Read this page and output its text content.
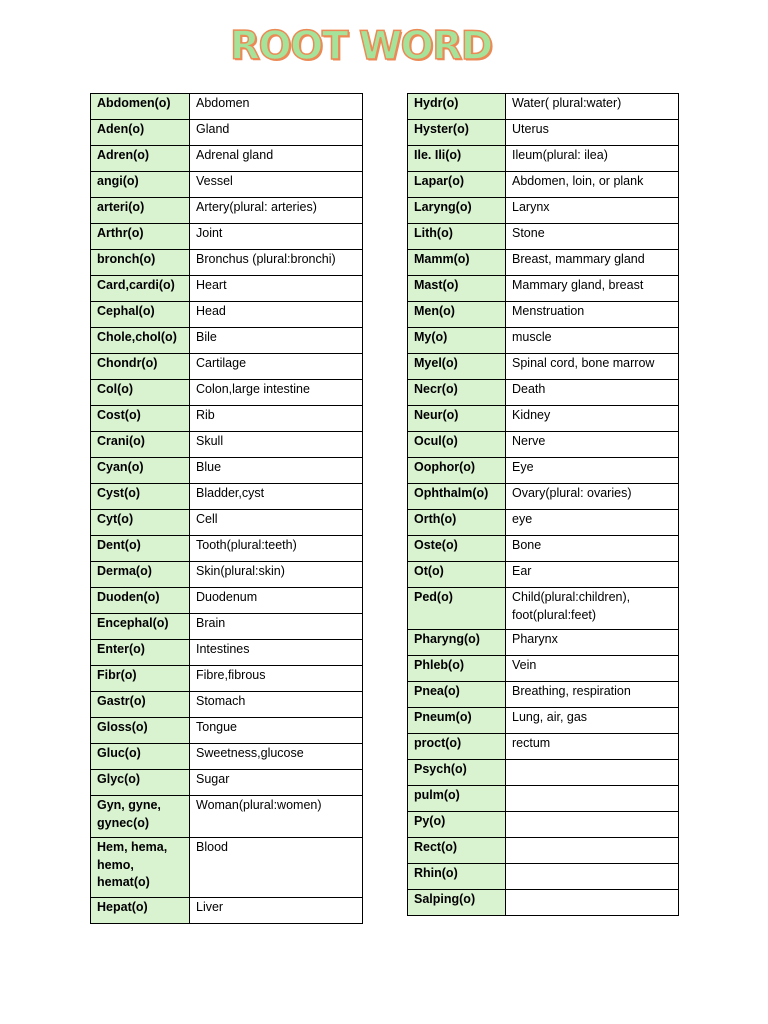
ROOT WORD
Abdomen(o)	Abdomen
Aden(o)	Gland
Adren(o)	Adrenal gland
angi(o)	Vessel
arteri(o)	Artery(plural: arteries)
Arthr(o)	Joint
bronch(o)	Bronchus (plural:bronchi)
Card,cardi(o)	Heart
Cephal(o)	Head
Chole,chol(o)	Bile
Chondr(o)	Cartilage
Col(o)	Colon,large intestine
Cost(o)	Rib
Crani(o)	Skull
Cyan(o)	Blue
Cyst(o)	Bladder,cyst
Cyt(o)	Cell
Dent(o)	Tooth(plural:teeth)
Derma(o)	Skin(plural:skin)
Duoden(o)	Duodenum
Encephal(o)	Brain
Enter(o)	Intestines
Fibr(o)	Fibre,fibrous
Gastr(o)	Stomach
Gloss(o)	Tongue
Gluc(o)	Sweetness,glucose
Glyc(o)	Sugar
Gyn, gyne, gynec(o)	Woman(plural:women)
Hem, hema, hemo, hemat(o)	Blood
Hepat(o)	Liver
Hydr(o)	Water( plural:water)
Hyster(o)	Uterus
Ile. Ili(o)	Ileum(plural: ilea)
Lapar(o)	Abdomen, loin, or plank
Laryng(o)	Larynx
Lith(o)	Stone
Mamm(o)	Breast, mammary gland
Mast(o)	Mammary gland, breast
Men(o)	Menstruation
My(o)	muscle
Myel(o)	Spinal cord, bone marrow
Necr(o)	Death
Neur(o)	Kidney
Ocul(o)	Nerve
Oophor(o)	Eye
Ophthalm(o)	Ovary(plural: ovaries)
Orth(o)	eye
Oste(o)	Bone
Ot(o)	Ear
Ped(o)	Child(plural:children), foot(plural:feet)
Pharyng(o)	Pharynx
Phleb(o)	Vein
Pnea(o)	Breathing, respiration
Pneum(o)	Lung, air, gas
proct(o)	rectum
Psych(o)	
pulm(o)	
Py(o)	
Rect(o)	
Rhin(o)	
Salping(o)	
